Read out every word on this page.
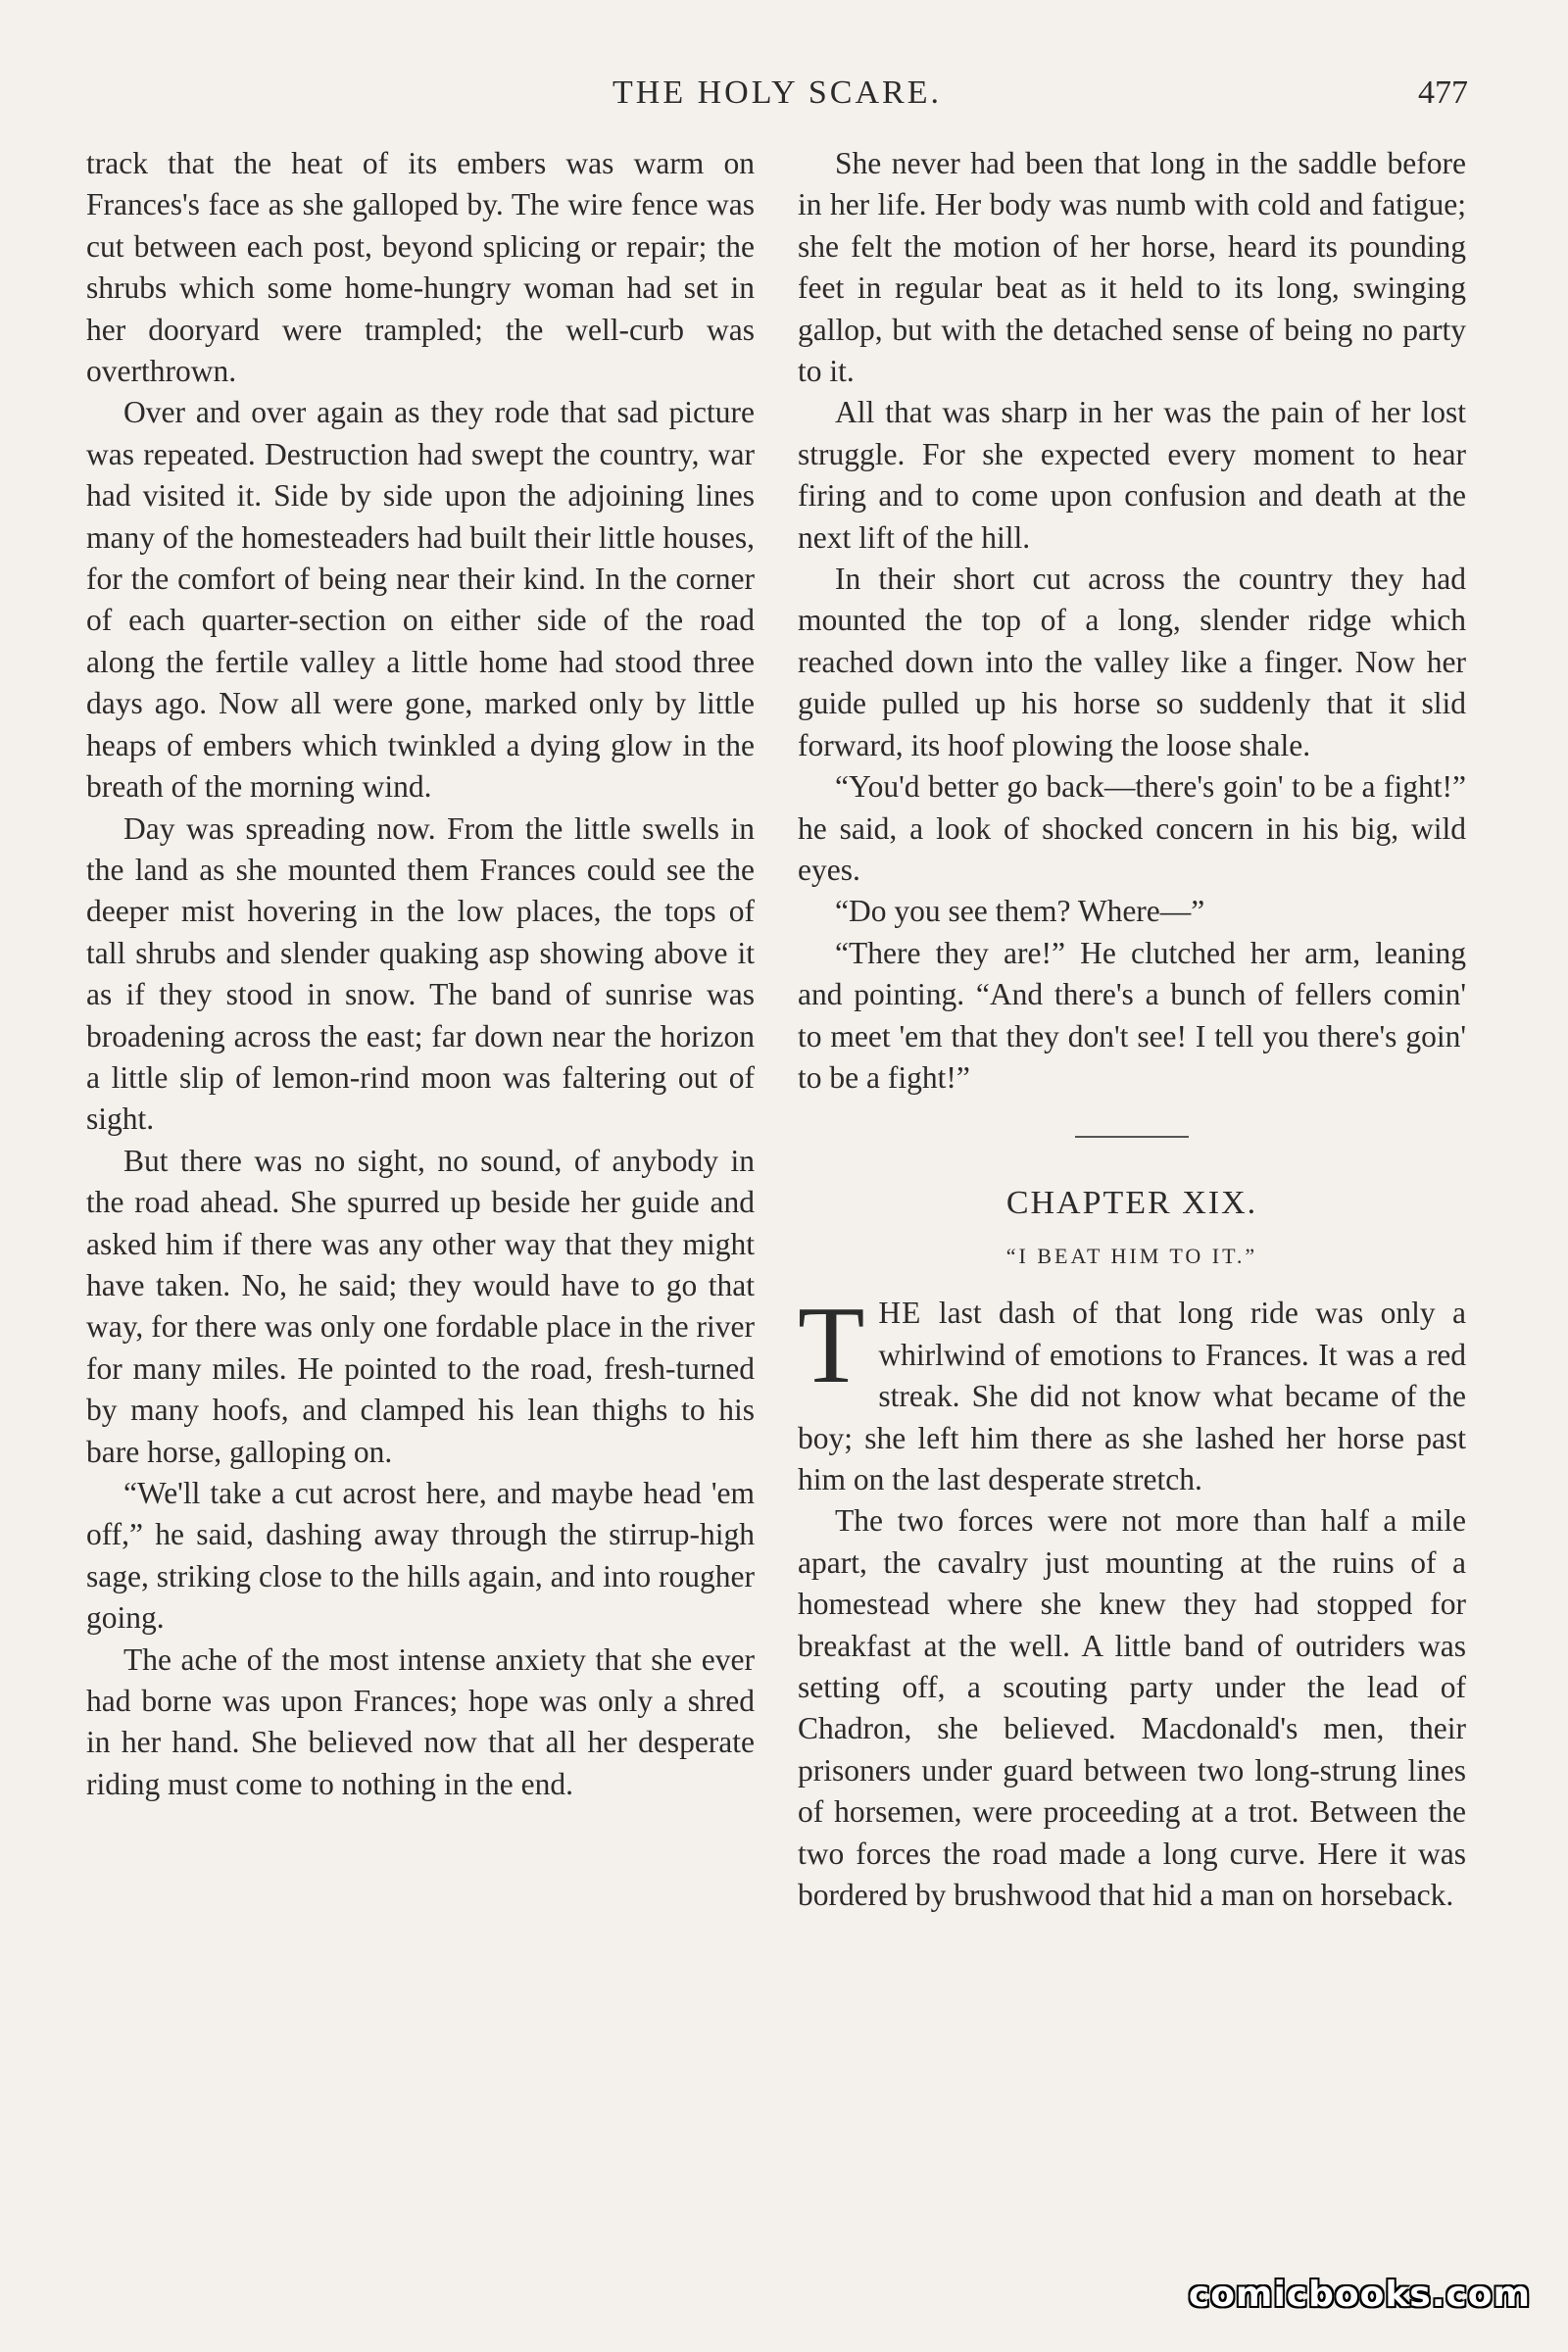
THE HOLY SCARE.	477

track that the heat of its embers was warm on Frances's face as she galloped by. The wire fence was cut between each post, beyond splicing or repair; the shrubs which some home-hungry woman had set in her dooryard were trampled; the well-curb was overthrown.

Over and over again as they rode that sad picture was repeated. Destruction had swept the country, war had visited it. Side by side upon the adjoining lines many of the homesteaders had built their little houses, for the comfort of being near their kind. In the corner of each quarter-section on either side of the road along the fertile valley a little home had stood three days ago. Now all were gone, marked only by little heaps of embers which twinkled a dying glow in the breath of the morning wind.

Day was spreading now. From the little swells in the land as she mounted them Frances could see the deeper mist hovering in the low places, the tops of tall shrubs and slender quaking asp showing above it as if they stood in snow. The band of sunrise was broadening across the east; far down near the horizon a little slip of lemon-rind moon was faltering out of sight.

But there was no sight, no sound, of anybody in the road ahead. She spurred up beside her guide and asked him if there was any other way that they might have taken. No, he said; they would have to go that way, for there was only one fordable place in the river for many miles. He pointed to the road, fresh-turned by many hoofs, and clamped his lean thighs to his bare horse, galloping on.

“We'll take a cut acrost here, and maybe head 'em off,” he said, dashing away through the stirrup-high sage, striking close to the hills again, and into rougher going.

The ache of the most intense anxiety that she ever had borne was upon Frances; hope was only a shred in her hand. She believed now that all her desperate riding must come to nothing in the end.

She never had been that long in the saddle before in her life. Her body was numb with cold and fatigue; she felt the motion of her horse, heard its pounding feet in regular beat as it held to its long, swinging gallop, but with the detached sense of being no party to it.

All that was sharp in her was the pain of her lost struggle. For she expected every moment to hear firing and to come upon confusion and death at the next lift of the hill.

In their short cut across the country they had mounted the top of a long, slender ridge which reached down into the valley like a finger. Now her guide pulled up his horse so suddenly that it slid forward, its hoof plowing the loose shale.

“You'd better go back—there's goin' to be a fight!” he said, a look of shocked concern in his big, wild eyes.

“Do you see them? Where—”

“There they are!” He clutched her arm, leaning and pointing. “And there's a bunch of fellers comin' to meet 'em that they don't see! I tell you there's goin' to be a fight!”

CHAPTER XIX.
“I BEAT HIM TO IT.”

THE last dash of that long ride was only a whirlwind of emotions to Frances. It was a red streak. She did not know what became of the boy; she left him there as she lashed her horse past him on the last desperate stretch.

The two forces were not more than half a mile apart, the cavalry just mounting at the ruins of a homestead where she knew they had stopped for breakfast at the well. A little band of outriders was setting off, a scouting party under the lead of Chadron, she believed. Macdonald's men, their prisoners under guard between two long-strung lines of horsemen, were proceeding at a trot. Between the two forces the road made a long curve. Here it was bordered by brushwood that hid a man on horseback.

comicbooks.com
